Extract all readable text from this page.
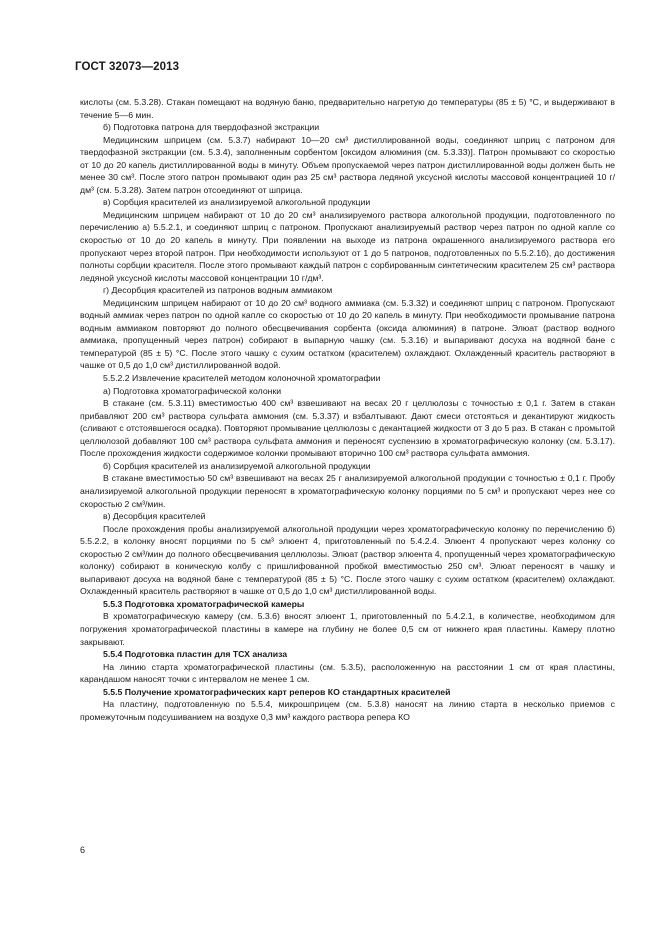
ГОСТ 32073—2013

кислоты (см. 5.3.28). Стакан помещают на водяную баню, предварительно нагретую до температуры (85 ± 5) °С, и выдерживают в течение 5—6 мин.

б) Подготовка патрона для твердофазной экстракции

Медицинским шприцем (см. 5.3.7) набирают 10—20 см³ дистиллированной воды, соединяют шприц с патроном для твердофазной экстракции (см. 5.3.4), заполненным сорбентом [оксидом алюминия (см. 5.3.33)]. Патрон промывают со скоростью от 10 до 20 капель дистиллированной воды в минуту. Объем пропускаемой через патрон дистиллированной воды должен быть не менее 30 см³. После этого патрон промывают один раз 25 см³ раствора ледяной уксусной кислоты массовой концентрацией 10 г/дм³ (см. 5.3.28). Затем патрон отсоединяют от шприца.

в) Сорбция красителей из анализируемой алкогольной продукции

Медицинским шприцем набирают от 10 до 20 см³ анализируемого раствора алкогольной продукции, подготовленного по перечислению а) 5.5.2.1, и соединяют шприц с патроном. Пропускают анализируемый раствор через патрон по одной капле со скоростью от 10 до 20 капель в минуту. При появлении на выходе из патрона окрашенного анализируемого раствора его пропускают через второй патрон. При необходимости используют от 1 до 5 патронов, подготовленных по 5.5.2.1б), до достижения полноты сорбции красителя. После этого промывают каждый патрон с сорбированным синтетическим красителем 25 см³ раствора ледяной уксусной кислоты массовой концентрации 10 г/дм³.

г) Десорбция красителей из патронов водным аммиаком

Медицинским шприцем набирают от 10 до 20 см³ водного аммиака (см. 5.3.32) и соединяют шприц с патроном. Пропускают водный аммиак через патрон по одной капле со скоростью от 10 до 20 капель в минуту. При необходимости промывание патрона водным аммиаком повторяют до полного обесцвечивания сорбента (оксида алюминия) в патроне. Элюат (раствор водного аммиака, пропущенный через патрон) собирают в выпарную чашку (см. 5.3.16) и выпаривают досуха на водяной бане с температурой (85 ± 5) °С. После этого чашку с сухим остатком (красителем) охлаждают. Охлажденный краситель растворяют в чашке от 0,5 до 1,0 см³ дистиллированной водой.

5.5.2.2 Извлечение красителей методом колоночной хроматографии

а) Подготовка хроматографической колонки

В стакане (см. 5.3.11) вместимостью 400 см³ взвешивают на весах 20 г целлюлозы с точностью ± 0,1 г. Затем в стакан прибавляют 200 см³ раствора сульфата аммония (см. 5.3.37) и взбалтывают. Дают смеси отстояться и декантируют жидкость (сливают с отстоявшегося осадка). Повторяют промывание целлюлозы с декантацией жидкости от 3 до 5 раз. В стакан с промытой целлюлозой добавляют 100 см³ раствора сульфата аммония и переносят суспензию в хроматографическую колонку (см. 5.3.17). После прохождения жидкости содержимое колонки промывают вторично 100 см³ раствора сульфата аммония.

б) Сорбция красителей из анализируемой алкогольной продукции

В стакане вместимостью 50 см³ взвешивают на весах 25 г анализируемой алкогольной продукции с точностью ± 0,1 г. Пробу анализируемой алкогольной продукции переносят в хроматографическую колонку порциями по 5 см³ и пропускают через нее со скоростью 2 см³/мин.

в) Десорбция красителей

После прохождения пробы анализируемой алкогольной продукции через хроматографическую колонку по перечислению б) 5.5.2.2, в колонку вносят порциями по 5 см³ элюент 4, приготовленный по 5.4.2.4. Элюент 4 пропускают через колонку со скоростью 2 см³/мин до полного обесцвечивания целлюлозы. Элюат (раствор элюента 4, пропущенный через хроматографическую колонку) собирают в коническую колбу с пришлифованной пробкой вместимостью 250 см³. Элюат переносят в чашку и выпаривают досуха на водяной бане с температурой (85 ± 5) °С. После этого чашку с сухим остатком (красителем) охлаждают. Охлажденный краситель растворяют в чашке от 0,5 до 1,0 см³ дистиллированной воды.

5.5.3 Подготовка хроматографической камеры

В хроматографическую камеру (см. 5.3.6) вносят элюент 1, приготовленный по 5.4.2.1, в количестве, необходимом для погружения хроматографической пластины в камере на глубину не более 0,5 см от нижнего края пластины. Камеру плотно закрывают.

5.5.4 Подготовка пластин для ТСХ анализа

На линию старта хроматографической пластины (см. 5.3.5), расположенную на расстоянии 1 см от края пластины, карандашом наносят точки с интервалом не менее 1 см.

5.5.5 Получение хроматографических карт реперов КО стандартных красителей

На пластину, подготовленную по 5.5.4, микрошприцем (см. 5.3.8) наносят на линию старта в несколько приемов с промежуточным подсушиванием на воздухе 0,3 мм³ каждого раствора репера КО

6
